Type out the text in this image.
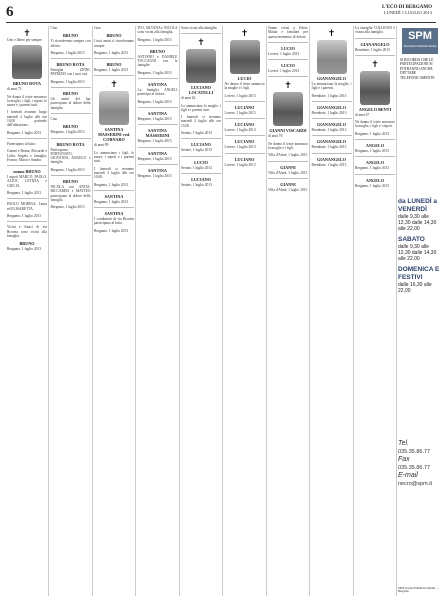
6	L'ECO DI BERGAMO
LUNEDÌ 1 LUGLIO 2013
✝
Uno e libero per sempre
BRUNO ROTA
di anni 73
Ne danno il triste annuncio la moglie, i figli, i nipoti, le nuore e i parenti tutti.
I funerali avranno luogo martedì 2 luglio alle ore 10,00 partendo dall'abitazione.
Bergamo, 1 luglio 2013
Partecipano al lutto:
Gianni e Bruna; Riccardo e Lidia; Angelo e famiglia; Franco; Mario e Sandra.
nonno BRUNO
I nipoti MARCO, PAOLO, ALICE, LETIZIA e GIULIA.
Bergamo, 1 luglio 2013
PAOLO MORINA, Laura ed ELISABETTA.
Bergamo, 1 luglio 2013
Vicini e Amici di via Broseta sono vicini alla famiglia.
BRUNO
Bergamo, 1 luglio 2013
Ciao
BRUNO
Ti ricorderemo sempre con affetto.
Bergamo, 1 luglio 2013
BRUNO ROTA
Famiglia ZINNI, PATRIZIO con i suoi cari.
Bergamo, 1 luglio 2013
BRUNO
Gli amici del bar partecipano al dolore della famiglia.
Ciao
BRUNO
Bergamo, 1 luglio 2013
BRUNO ROTA
Partecipano: FORTUNATO, GIOVANNI, ANGELO e famiglie.
Bergamo, 1 luglio 2013
BRUNO
NICOLA con ANITA, RICCARDO e MATTEO partecipano al dolore della famiglia.
Bergamo, 1 luglio 2013
Ciao
BRUNO
I tuoi amici ti ricorderanno sempre.
Bergamo, 1 luglio 2013
BRUNO
Bergamo, 1 luglio 2013
✝
SANTINA MASSERINI ved. CORNARO
di anni 89
Lo annunciano i figli, le nuore, i nipoti e i parenti tutti.
I funerali si terranno martedì 2 luglio alle ore 10,00.
Bergamo, 1 luglio 2013
SANTINA
Bergamo, 1 luglio 2013
SANTINA
I condomini di via Broseta partecipano al lutto.
Bergamo, 1 luglio 2013
IVO, SILVANA e NICOLA sono vicini alla famiglia.
Bergamo, 1 luglio 2013
BRUNO
ANTONIO e DANIELE TOCCAGNI con le famiglie.
Bergamo, 1 luglio 2013
SANTINA
La famiglia ANGELI partecipa al dolore.
Bergamo, 1 luglio 2013
SANTINA
Bergamo, 1 luglio 2013
SANTINA MASSERINI
Bergamo, 1 luglio 2013
SANTINA
Bergamo, 1 luglio 2013
SANTINA
Bergamo, 1 luglio 2013
Sono vicini alla famiglia.
✝
LUCIANO LOCATELLI
di anni 62
Lo annunciano la moglie, i figli e i parenti tutti.
I funerali si terranno martedì 2 luglio alle ore 15,00.
Seriate, 1 luglio 2013
LUCIANO
Seriate, 1 luglio 2013
LUCIO
Seriate, 1 luglio 2013
LUCIANO
Seriate, 1 luglio 2013
✝
LUCIO
Ne danno il triste annuncio la moglie e i figli.
Lovere, 1 luglio 2013
LUCIANO
Lovere, 1 luglio 2013
LUCIANO
Lovere, 1 luglio 2013
LUCIANO
Lovere, 1 luglio 2013
LUCIANO
Lovere, 1 luglio 2013
Siamo vicini a Silvia, Mattia e familiari per questo momento di dolore.
LUCIO
Lovere, 1 luglio 2013
LUCIO
Lovere, 1 luglio 2013
✝
GIANNI VISCARDI
di anni 76
Ne danno il triste annuncio la moglie e i figli.
Villa d'Almè, 1 luglio 2013
GIANNI
Villa d'Almè, 1 luglio 2013
GIANNI
Villa d'Almè, 1 luglio 2013
✝
GIANANGELO
Lo annunciano la moglie, i figli e i parenti.
Brembate, 1 luglio 2013
GIANANGELO
Brembate, 1 luglio 2013
GIANANGELO
Brembate, 1 luglio 2013
GIANANGELO
Brembate, 1 luglio 2013
GIANANGELO
Brembate, 1 luglio 2013
La famiglia COLLEONI è vicina alla famiglia.
GIANANGELO
Brembate, 1 luglio 2013
✝
ANGELO BENTI
di anni 67
Ne danno il triste annuncio la moglie, i figli e i nipoti.
Bergamo, 1 luglio 2013
ANGELO
Bergamo, 1 luglio 2013
ANGELO
Bergamo, 1 luglio 2013
ANGELO
Bergamo, 1 luglio 2013
SPM
Società Pubblicità Media
SI RICORDA CHE LE PARTECIPAZIONI SI POTRANNO ANCHE DETTARE TELEFONICAMENTE
da LUNEDÌ a VENERDÌ
dalle 9,30 alle 12,30 dalle 14,30 alle 22,00
SABATO
dalle 9,30 alle 12,30 dalle 14,30 alle 22,00
DOMENICA E FESTIVI
dalle 16,30 alle 22,00
Tel.
035.35.86.77
Fax
035.35.86.77
E-mail
necro@spm.it
SPM Società Pubblicità Media — Bergamo
